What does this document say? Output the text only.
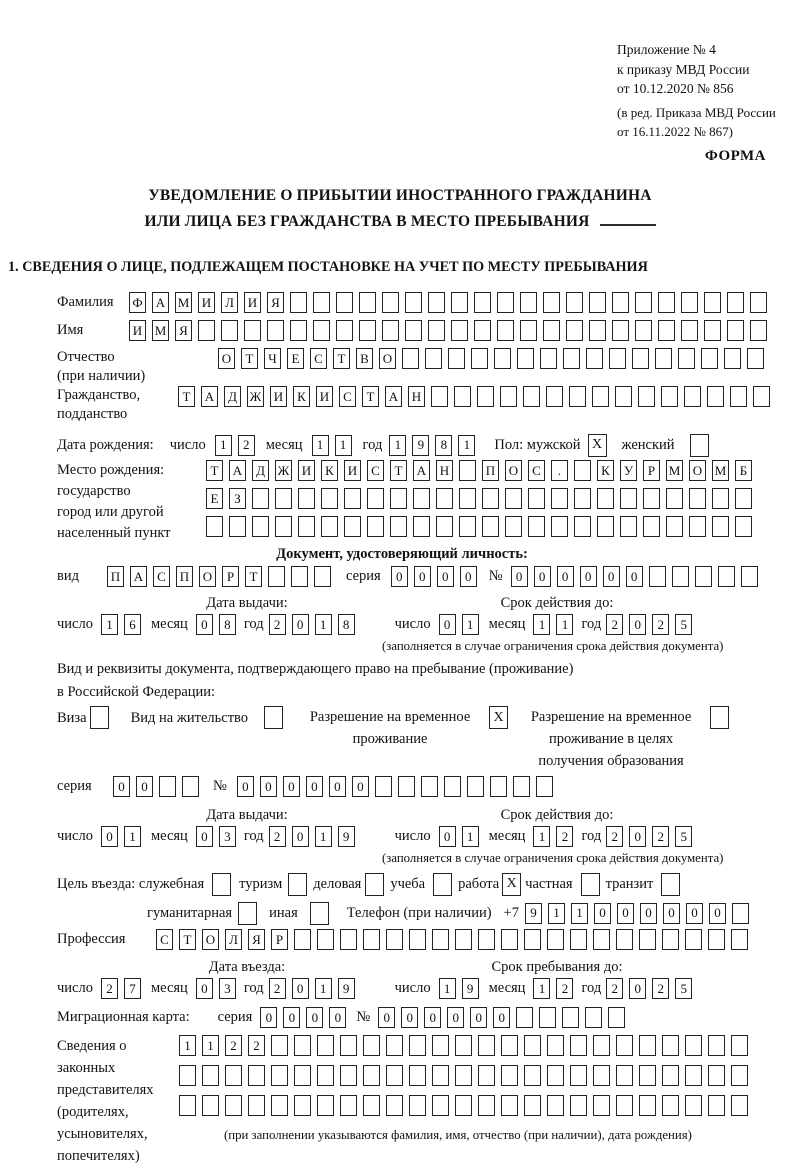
Приложение № 4
к приказу МВД России
от 10.12.2020 № 856
(в ред. Приказа МВД России
от 16.11.2022 № 867)
ФОРМА
УВЕДОМЛЕНИЕ О ПРИБЫТИИ ИНОСТРАННОГО ГРАЖДАНИНА
ИЛИ ЛИЦА БЕЗ ГРАЖДАНСТВА В МЕСТО ПРЕБЫВАНИЯ
1. СВЕДЕНИЯ О ЛИЦЕ, ПОДЛЕЖАЩЕМ ПОСТАНОВКЕ НА УЧЕТ ПО МЕСТУ ПРЕБЫВАНИЯ
Фамилия	Ф А М И	Л	И	Я
Имя	И М Я
Отчество
(при наличии)
О	Т	Ч	Е	С	Т	В	О
Гражданство,
подданство
Т	А	Д Ж И	К	И	С	Т	А Н
Дата рождения: число	1	2	месяц	1	1	год 1	9	8	1	Пол: мужской X	женский
Место рождения:
государство
город или другой
населенный пункт
Т	А	Д Ж И	К	И	С	Т	А Н	П О	С	.	К	У	Р	М О М	Б
Е	З
Документ, удостоверяющий личность:
вид	П А	С	П О	Р	Т	серия	0	0	0	0	№	0	0	0	0	0	0
Дата выдачи:	Срок действия до:
число	1	6	месяц	0	8 год 2	0	1	8	число	0	1	месяц	1	1 год 2	0	2	5
(заполняется в случае ограничения срока действия документа)
Вид и реквизиты документа, подтверждающего право на пребывание (проживание)
в Российской Федерации:
Виза	Вид на жительство	Разрешение на временное
проживание
X	Разрешение на временное
проживание в целях
получения образования
серия	0	0	№	0	0	0	0	0	0
Дата выдачи:	Срок действия до:
число	0	1	месяц	0	3 год 2	0	1	9	число	0	1	месяц	1	2 год 2	0	2	5
(заполняется в случае ограничения срока действия документа)
Цель въезда: служебная туризм деловая учеба работа X частная транзит
гуманитарная	иная	Телефон (при наличии) +7 9	1	1	0	0	0	0	0	0
Профессия	С	Т	О	Л	Я	Р
Дата въезда:	Срок пребывания до:
число	2	7	месяц	0	3 год 2	0	1	9	число	1	9	месяц	1	2 год 2	0	2	5
Миграционная карта: серия	0	0	0	0	№	0	0	0	0	0	0
Сведения о
законных
представителях
(родителях,
усыновителях,
попечителях)
1	1	2	2
(при заполнении указываются фамилия, имя, отчество (при наличии), дата рождения)
